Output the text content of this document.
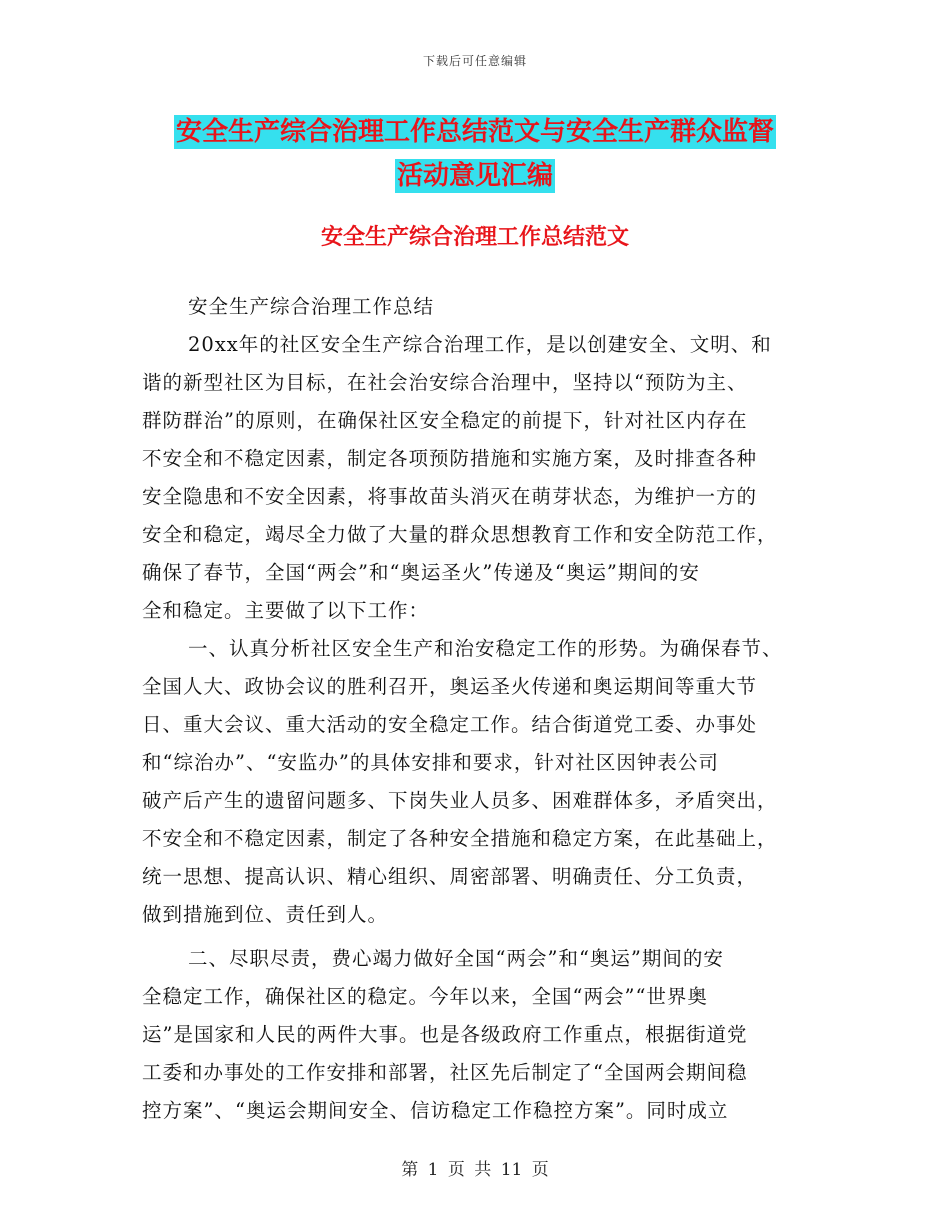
下载后可任意编辑
安全生产综合治理工作总结范文与安全生产群众监督
活动意见汇编
安全生产综合治理工作总结范文
安全生产综合治理工作总结
20xx年的社区安全生产综合治理工作，是以创建安全、文明、和
谐的新型社区为目标，在社会治安综合治理中，坚持以“预防为主、
群防群治”的原则，在确保社区安全稳定的前提下，针对社区内存在
不安全和不稳定因素，制定各项预防措施和实施方案，及时排查各种
安全隐患和不安全因素，将事故苗头消灭在萌芽状态，为维护一方的
安全和稳定，竭尽全力做了大量的群众思想教育工作和安全防范工作，
确保了春节，全国“两会”和“奥运圣火”传递及“奥运”期间的安
全和稳定。主要做了以下工作：
一、认真分析社区安全生产和治安稳定工作的形势。为确保春节、
全国人大、政协会议的胜利召开，奥运圣火传递和奥运期间等重大节
日、重大会议、重大活动的安全稳定工作。结合街道党工委、办事处
和“综治办”、“安监办”的具体安排和要求，针对社区因钟表公司
破产后产生的遗留问题多、下岗失业人员多、困难群体多，矛盾突出，
不安全和不稳定因素，制定了各种安全措施和稳定方案，在此基础上，
统一思想、提高认识、精心组织、周密部署、明确责任、分工负责，
做到措施到位、责任到人。
二、尽职尽责，费心竭力做好全国“两会”和“奥运”期间的安
全稳定工作，确保社区的稳定。今年以来，全国“两会”“世界奥
运”是国家和人民的两件大事。也是各级政府工作重点，根据街道党
工委和办事处的工作安排和部署，社区先后制定了“全国两会期间稳
控方案”、“奥运会期间安全、信访稳定工作稳控方案”。同时成立
第 1 页 共 11 页
